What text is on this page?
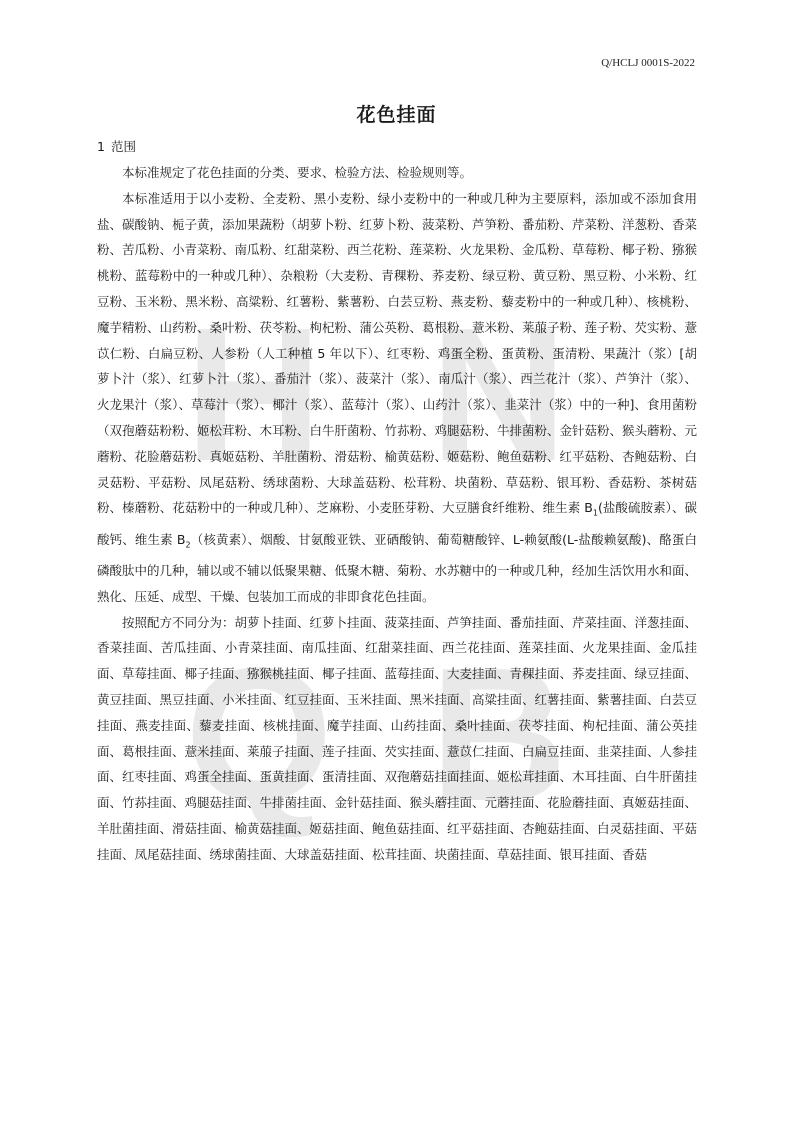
H N
Q B
Q/HCLJ 0001S-2022
花色挂面
1 范围

本标准规定了花色挂面的分类、要求、检验方法、检验规则等。

本标准适用于以小麦粉、全麦粉、黑小麦粉、绿小麦粉中的一种或几种为主要原料，添加或不添加食用盐、碳酸钠、栀子黄，添加果蔬粉（胡萝卜粉、红萝卜粉、菠菜粉、芦笋粉、番茄粉、芹菜粉、洋葱粉、香菜粉、苦瓜粉、小青菜粉、南瓜粉、红甜菜粉、西兰花粉、莲菜粉、火龙果粉、金瓜粉、草莓粉、椰子粉、猕猴桃粉、蓝莓粉中的一种或几种）、杂粮粉（大麦粉、青稞粉、荞麦粉、绿豆粉、黄豆粉、黑豆粉、小米粉、红豆粉、玉米粉、黑米粉、高粱粉、红薯粉、紫薯粉、白芸豆粉、燕麦粉、藜麦粉中的一种或几种）、核桃粉、魔芋精粉、山药粉、桑叶粉、茯苓粉、枸杞粉、蒲公英粉、葛根粉、薏米粉、莱菔子粉、莲子粉、芡实粉、薏苡仁粉、白扁豆粉、人参粉（人工种植 5 年以下）、红枣粉、鸡蛋全粉、蛋黄粉、蛋清粉、果蔬汁（浆）[胡萝卜汁（浆）、红萝卜汁（浆）、番茄汁（浆）、菠菜汁（浆）、南瓜汁（浆）、西兰花汁（浆）、芦笋汁（浆）、火龙果汁（浆）、草莓汁（浆）、椰汁（浆）、蓝莓汁（浆）、山药汁（浆）、韭菜汁（浆）中的一种]、食用菌粉（双孢蘑菇粉粉、姬松茸粉、木耳粉、白牛肝菌粉、竹荪粉、鸡腿菇粉、牛排菌粉、金针菇粉、猴头蘑粉、元蘑粉、花脸蘑菇粉、真姬菇粉、羊肚菌粉、滑菇粉、榆黄菇粉、姬菇粉、鲍鱼菇粉、红平菇粉、杏鲍菇粉、白灵菇粉、平菇粉、凤尾菇粉、绣球菌粉、大球盖菇粉、松茸粉、块菌粉、草菇粉、银耳粉、香菇粉、茶树菇粉、榛蘑粉、花菇粉中的一种或几种）、芝麻粉、小麦胚芽粉、大豆膳食纤维粉、维生素 $B_1$(盐酸硫胺素）、碳酸钙、维生素 $B_2$（核黄素）、烟酸、甘氨酸亚铁、亚硒酸钠、葡萄糖酸锌、L-赖氨酸(L-盐酸赖氨酸)、酪蛋白磷酸肽中的几种，辅以或不辅以低聚果糖、低聚木糖、菊粉、水苏糖中的一种或几种，经加生活饮用水和面、熟化、压延、成型、干燥、包装加工而成的非即食花色挂面。

按照配方不同分为：胡萝卜挂面、红萝卜挂面、菠菜挂面、芦笋挂面、番茄挂面、芹菜挂面、洋葱挂面、香菜挂面、苦瓜挂面、小青菜挂面、南瓜挂面、红甜菜挂面、西兰花挂面、莲菜挂面、火龙果挂面、金瓜挂面、草莓挂面、椰子挂面、猕猴桃挂面、椰子挂面、蓝莓挂面、大麦挂面、青稞挂面、荞麦挂面、绿豆挂面、黄豆挂面、黑豆挂面、小米挂面、红豆挂面、玉米挂面、黑米挂面、高粱挂面、红薯挂面、紫薯挂面、白芸豆挂面、燕麦挂面、藜麦挂面、核桃挂面、魔芋挂面、山药挂面、桑叶挂面、茯苓挂面、枸杞挂面、蒲公英挂面、葛根挂面、薏米挂面、莱菔子挂面、莲子挂面、芡实挂面、薏苡仁挂面、白扁豆挂面、韭菜挂面、人参挂面、红枣挂面、鸡蛋全挂面、蛋黄挂面、蛋清挂面、双孢蘑菇挂面挂面、姬松茸挂面、木耳挂面、白牛肝菌挂面、竹荪挂面、鸡腿菇挂面、牛排菌挂面、金针菇挂面、猴头蘑挂面、元蘑挂面、花脸蘑挂面、真姬菇挂面、羊肚菌挂面、滑菇挂面、榆黄菇挂面、姬菇挂面、鲍鱼菇挂面、红平菇挂面、杏鲍菇挂面、白灵菇挂面、平菇挂面、凤尾菇挂面、绣球菌挂面、大球盖菇挂面、松茸挂面、块菌挂面、草菇挂面、银耳挂面、香菇
